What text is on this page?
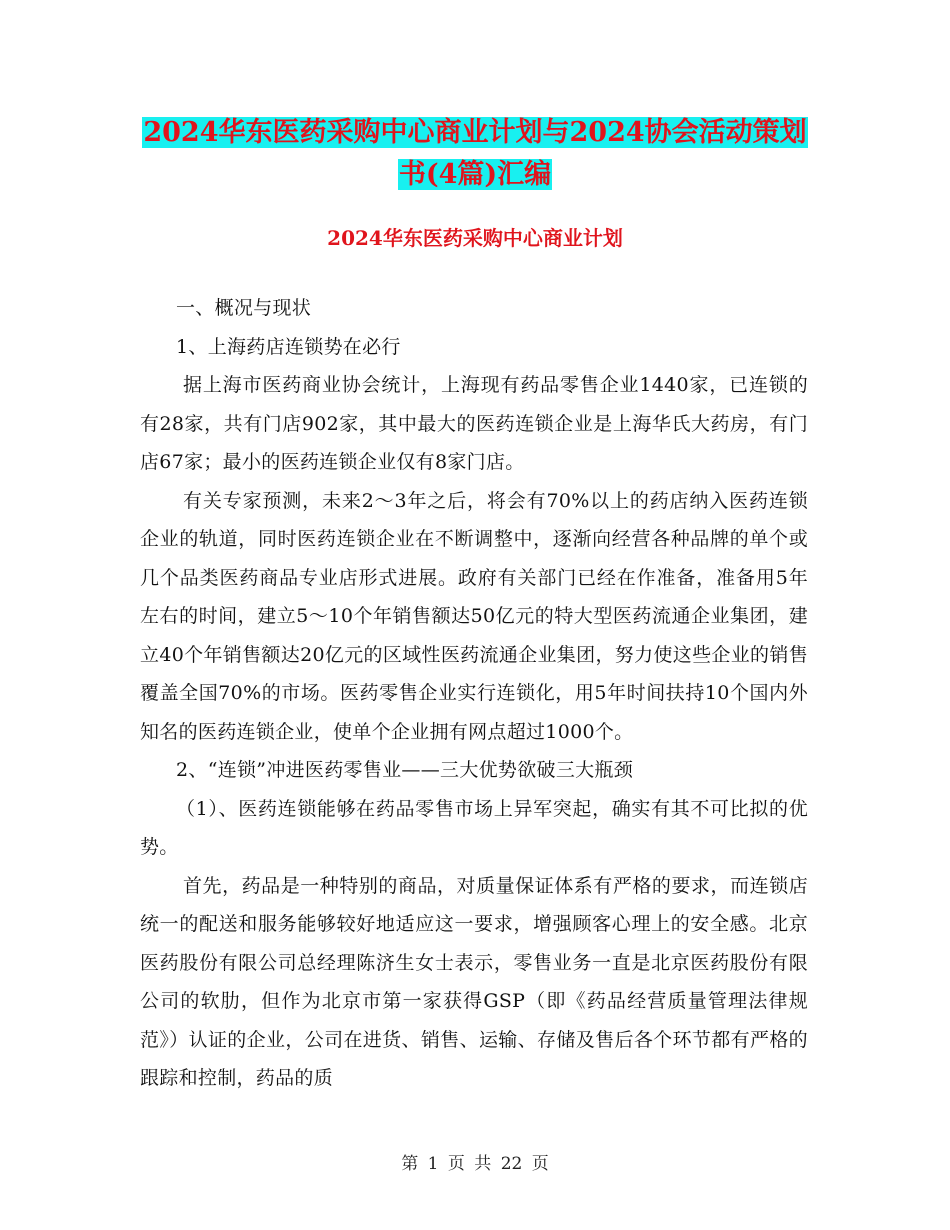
2024华东医药采购中心商业计划与2024协会活动策划
书(4篇)汇编
2024华东医药采购中心商业计划

一、概况与现状

1、上海药店连锁势在必行

据上海市医药商业协会统计，上海现有药品零售企业1440家，已连锁的有28家，共有门店902家，其中最大的医药连锁企业是上海华氏大药房，有门店67家；最小的医药连锁企业仅有8家门店。

有关专家预测，未来2～3年之后，将会有70%以上的药店纳入医药连锁企业的轨道，同时医药连锁企业在不断调整中，逐渐向经营各种品牌的单个或几个品类医药商品专业店形式进展。政府有关部门已经在作准备，准备用5年左右的时间，建立5～10个年销售额达50亿元的特大型医药流通企业集团，建立40个年销售额达20亿元的区域性医药流通企业集团，努力使这些企业的销售覆盖全国70%的市场。医药零售企业实行连锁化，用5年时间扶持10个国内外知名的医药连锁企业，使单个企业拥有网点超过1000个。

2、“连锁”冲进医药零售业——三大优势欲破三大瓶颈

（1）、医药连锁能够在药品零售市场上异军突起，确实有其不可比拟的优势。

首先，药品是一种特别的商品，对质量保证体系有严格的要求，而连锁店统一的配送和服务能够较好地适应这一要求，增强顾客心理上的安全感。北京医药股份有限公司总经理陈济生女士表示，零售业务一直是北京医药股份有限公司的软肋，但作为北京市第一家获得GSP（即《药品经营质量管理法律规范》）认证的企业，公司在进货、销售、运输、存储及售后各个环节都有严格的跟踪和控制，药品的质

第 1 页 共 22 页
